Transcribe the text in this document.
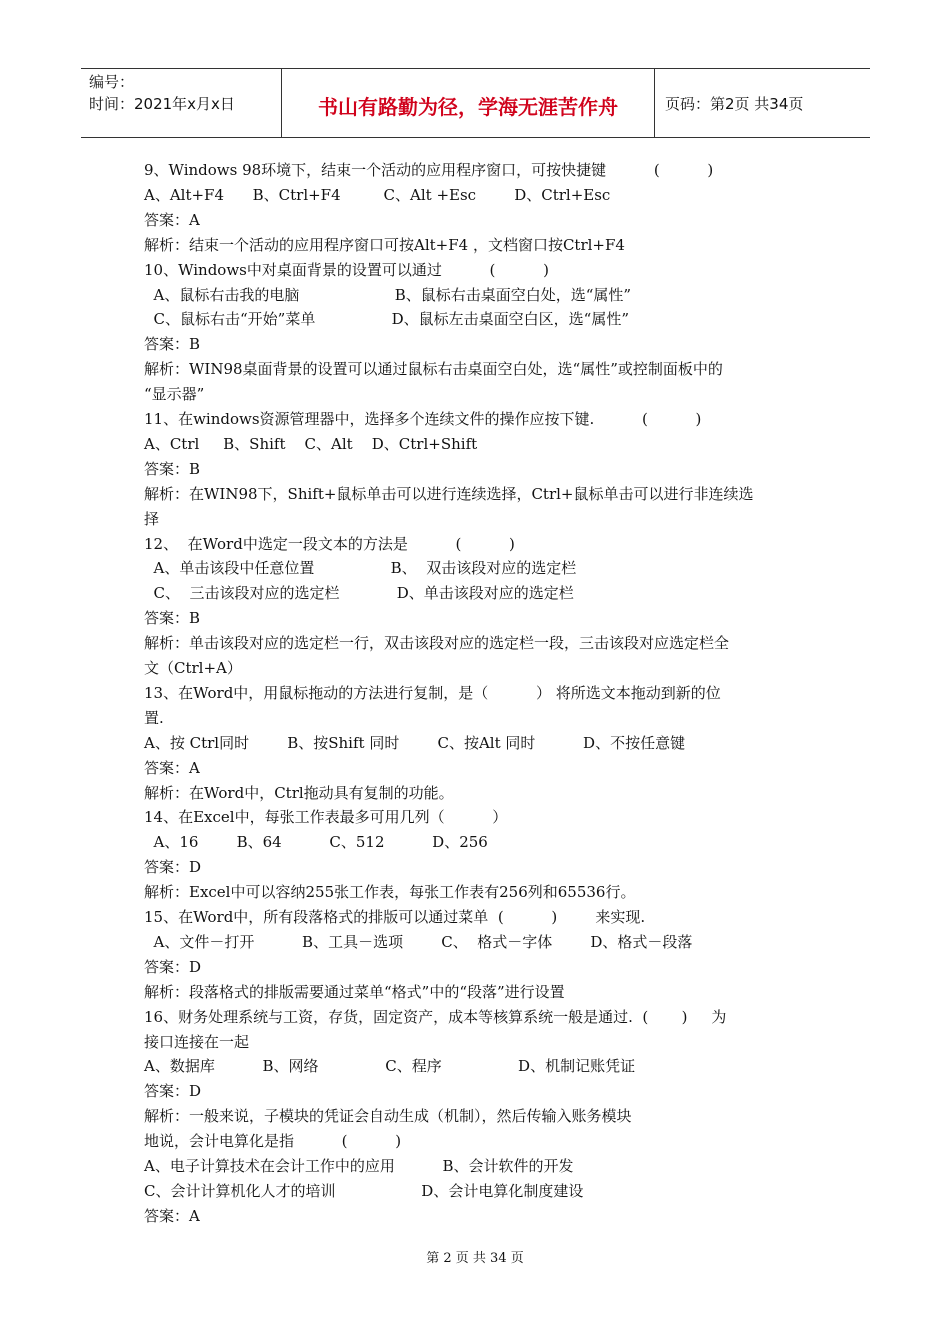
编号：
时间：2021年x月x日	书山有路勤为径，学海无涯苦作舟	页码：第2页 共34页
9、Windows 98环境下，结束一个活动的应用程序窗口，可按快捷键          (          )
A、Alt+F4      B、Ctrl+F4         C、Alt +Esc        D、Ctrl+Esc
答案：A
解析：结束一个活动的应用程序窗口可按Alt+F4 ，文档窗口按Ctrl+F4
10、Windows中对桌面背景的设置可以通过          (          )
A、鼠标右击我的电脑                    B、鼠标右击桌面空白处，选“属性”
C、鼠标右击“开始”菜单                D、鼠标左击桌面空白区，选“属性”
答案：B
解析：WIN98桌面背景的设置可以通过鼠标右击桌面空白处，选“属性”或控制面板中的
“显示器”
11、在windows资源管理器中，选择多个连续文件的操作应按下键.          (          )
A、Ctrl     B、Shift    C、Alt    D、Ctrl+Shift
答案：B
解析：在WIN98下，Shift+鼠标单击可以进行连续选择，Ctrl+鼠标单击可以进行非连续选
择
12、  在Word中选定一段文本的方法是          (          )
A、单击该段中任意位置                B、  双击该段对应的选定栏
C、  三击该段对应的选定栏            D、单击该段对应的选定栏
答案：B
解析：单击该段对应的选定栏一行，双击该段对应的选定栏一段，三击该段对应选定栏全
文（Ctrl+A）
13、在Word中，用鼠标拖动的方法进行复制，是（          ） 将所选文本拖动到新的位
置.
A、按 Ctrl同时        B、按Shift 同时        C、按Alt 同时          D、不按任意键
答案：A
解析：在Word中，Ctrl拖动具有复制的功能。
14、在Excel中，每张工作表最多可用几列（          ）
A、16        B、64          C、512          D、256
答案：D
解析：Excel中可以容纳255张工作表，每张工作表有256列和65536行。
15、在Word中，所有段落格式的排版可以通过菜单  (          )        来实现.
A、文件－打开          B、工具－选项        C、  格式－字体        D、格式－段落
答案：D
解析：段落格式的排版需要通过菜单“格式”中的“段落”进行设置
16、财务处理系统与工资，存货，固定资产，成本等核算系统一般是通过.  (       )     为
接口连接在一起
A、数据库          B、网络              C、程序                D、机制记账凭证
答案：D
解析：一般来说，子模块的凭证会自动生成（机制），然后传输入账务模块
地说，会计电算化是指          (          )
A、电子计算技术在会计工作中的应用          B、会计软件的开发
C、会计计算机化人才的培训                  D、会计电算化制度建设
答案：A
第 2 页 共 34 页
